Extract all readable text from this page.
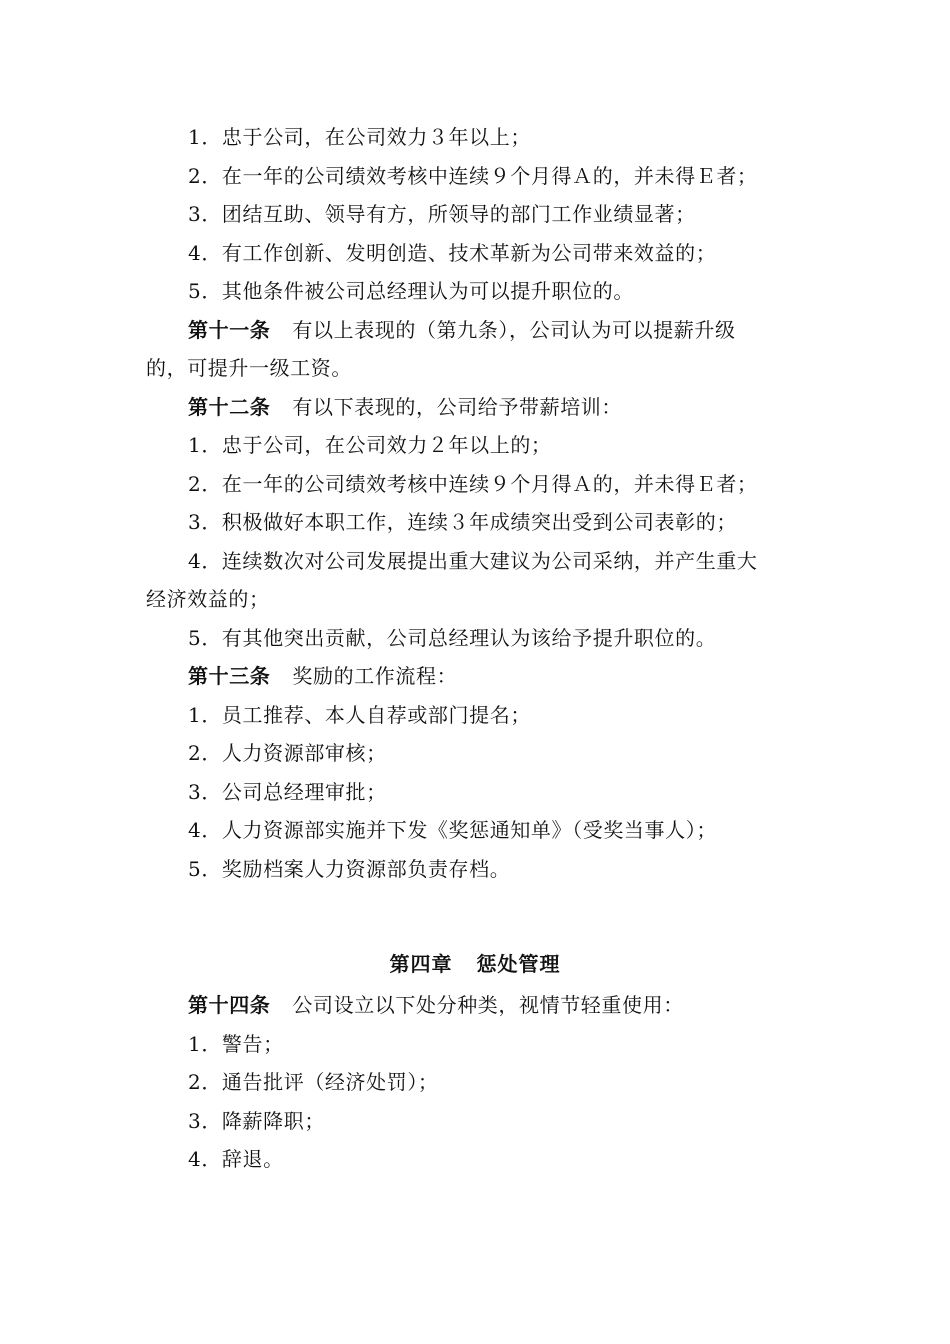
1．忠于公司，在公司效力３年以上；
2．在一年的公司绩效考核中连续９个月得Ａ的，并未得Ｅ者；
3．团结互助、领导有方，所领导的部门工作业绩显著；
4．有工作创新、发明创造、技术革新为公司带来效益的；
5．其他条件被公司总经理认为可以提升职位的。
第十一条 有以上表现的（第九条），公司认为可以提薪升级
的，可提升一级工资。
第十二条 有以下表现的，公司给予带薪培训：
1．忠于公司，在公司效力２年以上的；
2．在一年的公司绩效考核中连续９个月得Ａ的，并未得Ｅ者；
3．积极做好本职工作，连续３年成绩突出受到公司表彰的；
4．连续数次对公司发展提出重大建议为公司采纳，并产生重大
经济效益的；
5．有其他突出贡献，公司总经理认为该给予提升职位的。
第十三条 奖励的工作流程：
1．员工推荐、本人自荐或部门提名；
2．人力资源部审核；
3．公司总经理审批；
4．人力资源部实施并下发《奖惩通知单》（受奖当事人）；
5．奖励档案人力资源部负责存档。
第四章 惩处管理
第十四条 公司设立以下处分种类，视情节轻重使用：
1．警告；
2．通告批评（经济处罚）；
3．降薪降职；
4．辞退。
